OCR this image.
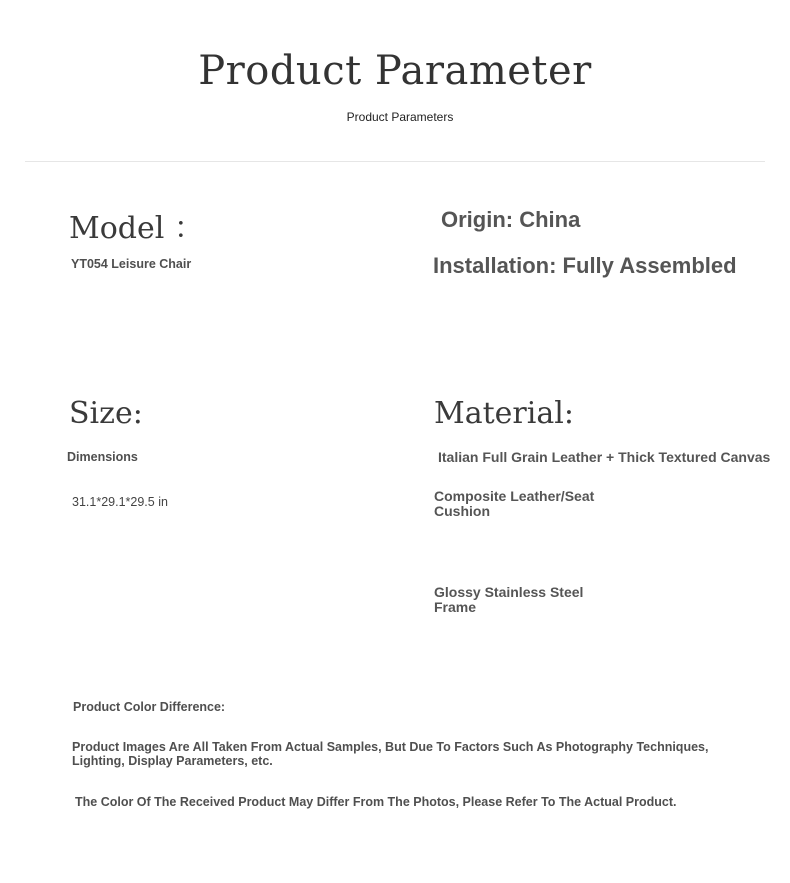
Product Parameter
Product Parameters
Model ：
YT054 Leisure Chair
Origin: China
Installation: Fully Assembled
Size:
Dimensions
31.1*29.1*29.5 in
Material:
Italian Full Grain Leather + Thick Textured Canvas
Composite Leather/Seat Cushion
Glossy Stainless Steel Frame
Product Color Difference:
Product Images Are All Taken From Actual Samples, But Due To Factors Such As Photography Techniques, Lighting, Display Parameters, etc.
The Color Of The Received Product May Differ From The Photos, Please Refer To The Actual Product.
